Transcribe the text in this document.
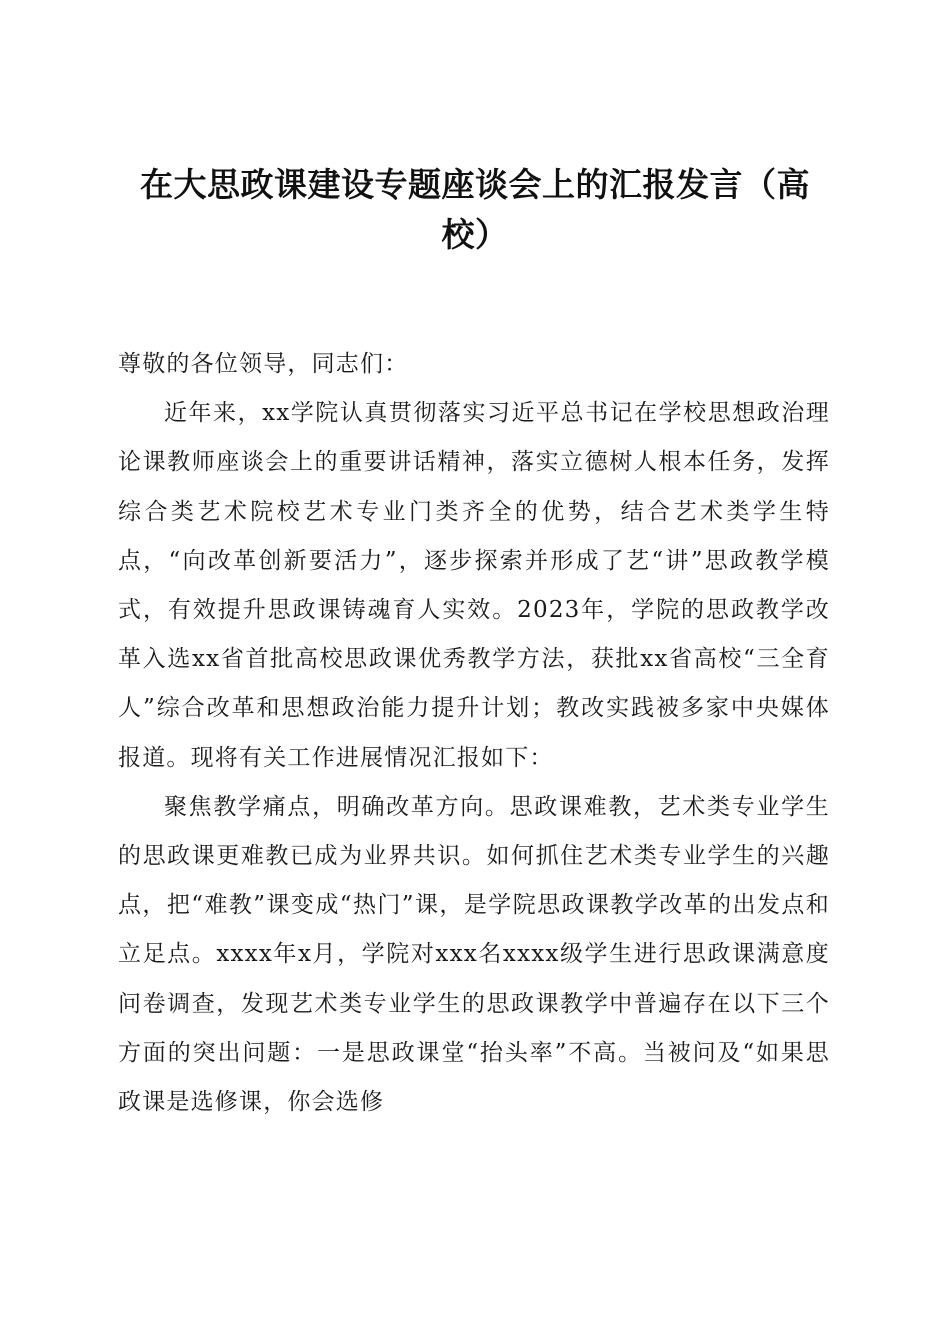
在大思政课建设专题座谈会上的汇报发言（高校）

尊敬的各位领导，同志们：

近年来，xx学院认真贯彻落实习近平总书记在学校思想政治理论课教师座谈会上的重要讲话精神，落实立德树人根本任务，发挥综合类艺术院校艺术专业门类齐全的优势，结合艺术类学生特点，“向改革创新要活力”，逐步探索并形成了艺“讲”思政教学模式，有效提升思政课铸魂育人实效。2023年，学院的思政教学改革入选xx省首批高校思政课优秀教学方法，获批xx省高校“三全育人”综合改革和思想政治能力提升计划；教改实践被多家中央媒体报道。现将有关工作进展情况汇报如下：

聚焦教学痛点，明确改革方向。思政课难教，艺术类专业学生的思政课更难教已成为业界共识。如何抓住艺术类专业学生的兴趣点，把“难教”课变成“热门”课，是学院思政课教学改革的出发点和立足点。xxxx年x月，学院对xxx名xxxx级学生进行思政课满意度问卷调查，发现艺术类专业学生的思政课教学中普遍存在以下三个方面的突出问题：一是思政课堂“抬头率”不高。当被问及“如果思政课是选修课，你会选修
